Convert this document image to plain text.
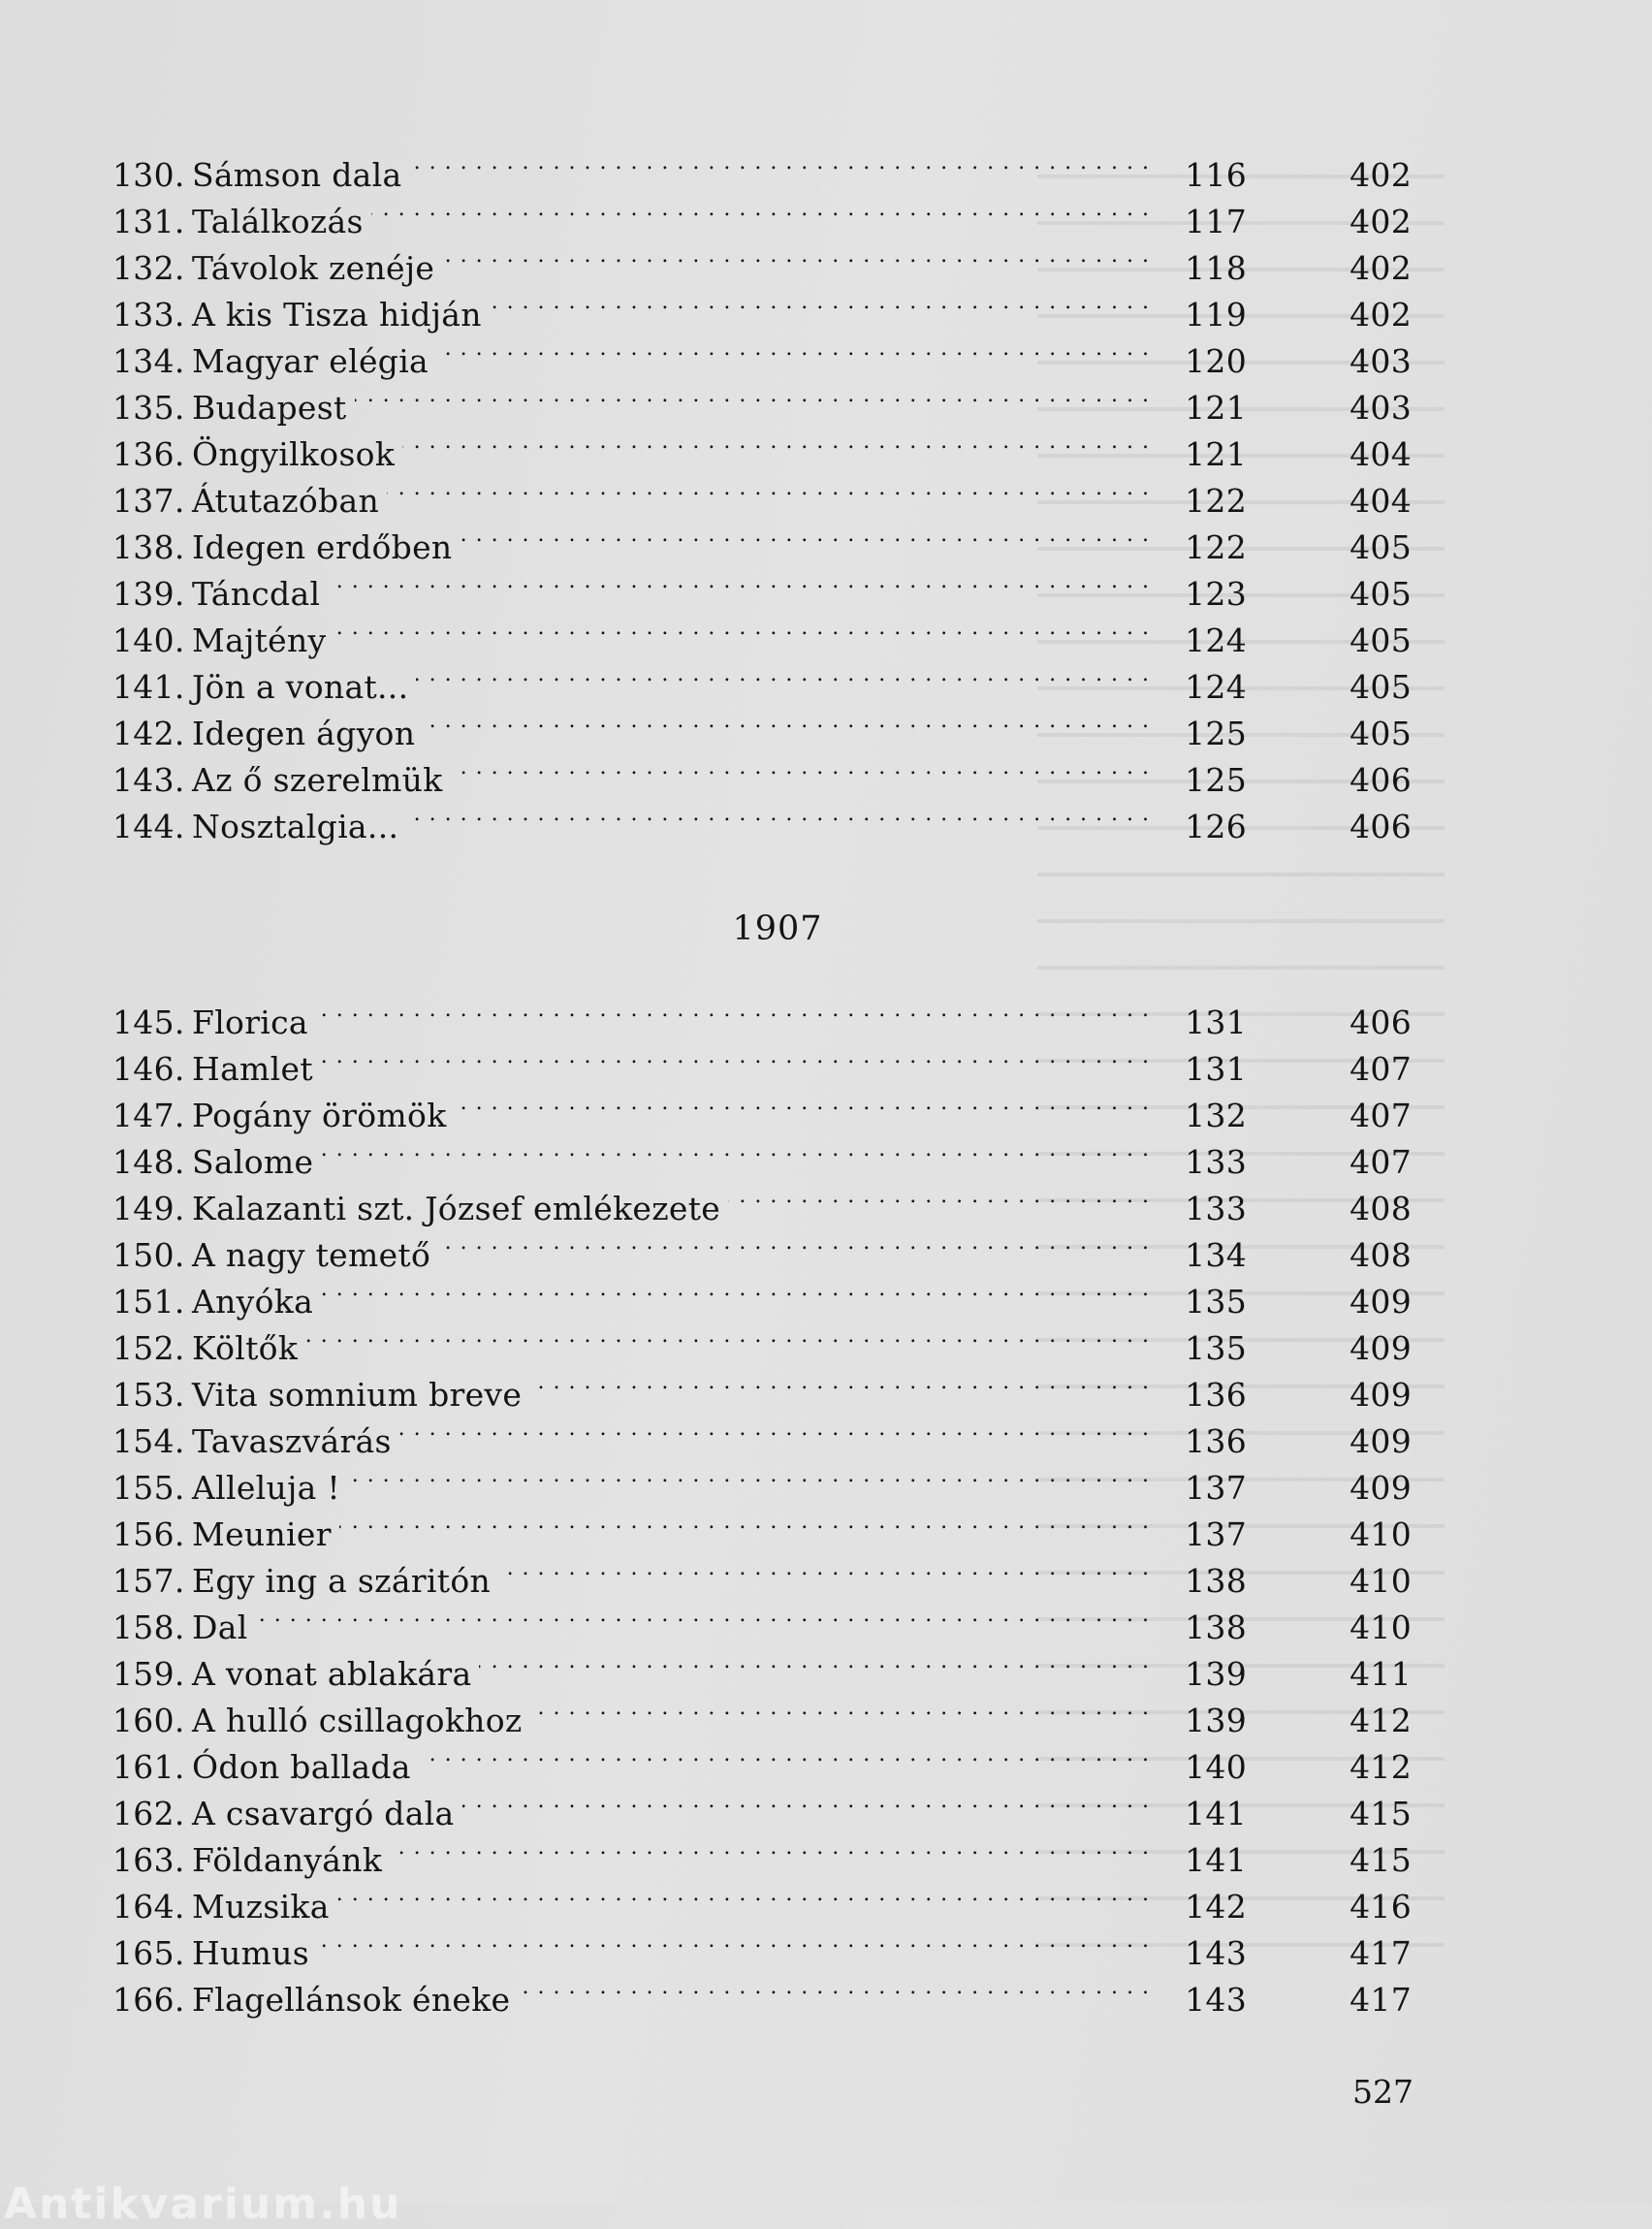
130. Sámson dala . . .	116	402
131. Találkozás . . .	117	402
132. Távolok zenéje . . .	118	402
133. A kis Tisza hidján . . .	119	402
134. Magyar elégia . . .	120	403
135. Budapest . . .	121	403
136. Öngyilkosok . . .	121	404
137. Átutazóban . . .	122	404
138. Idegen erdőben . . .	122	405
139. Táncdal . . .	123	405
140. Majtény . . .	124	405
141. Jön a vonat... . . .	124	405
142. Idegen ágyon . . .	125	405
143. Az ő szerelmük . . .	125	406
144. Nosztalgia... . . .	126	406
1907
145. Florica . . .	131	406
146. Hamlet . . .	131	407
147. Pogány örömök . . .	132	407
148. Salome . . .	133	407
149. Kalazanti szt. József emlékezete . . .	133	408
150. A nagy temető . . .	134	408
151. Anyóka . . .	135	409
152. Költők . . .	135	409
153. Vita somnium breve . . .	136	409
154. Tavaszvárás . . .	136	409
155. Alleluja ! . . .	137	409
156. Meunier . . .	137	410
157. Egy ing a száritón . . .	138	410
158. Dal . . .	138	410
159. A vonat ablakára . . .	139	411
160. A hulló csillagokhoz . . .	139	412
161. Ódon ballada . . .	140	412
162. A csavargó dala . . .	141	415
163. Földanyánk . . .	141	415
164. Muzsika . . .	142	416
165. Humus . . .	143	417
166. Flagellánsok éneke . . .	143	417
527
Antikvarium.hu
